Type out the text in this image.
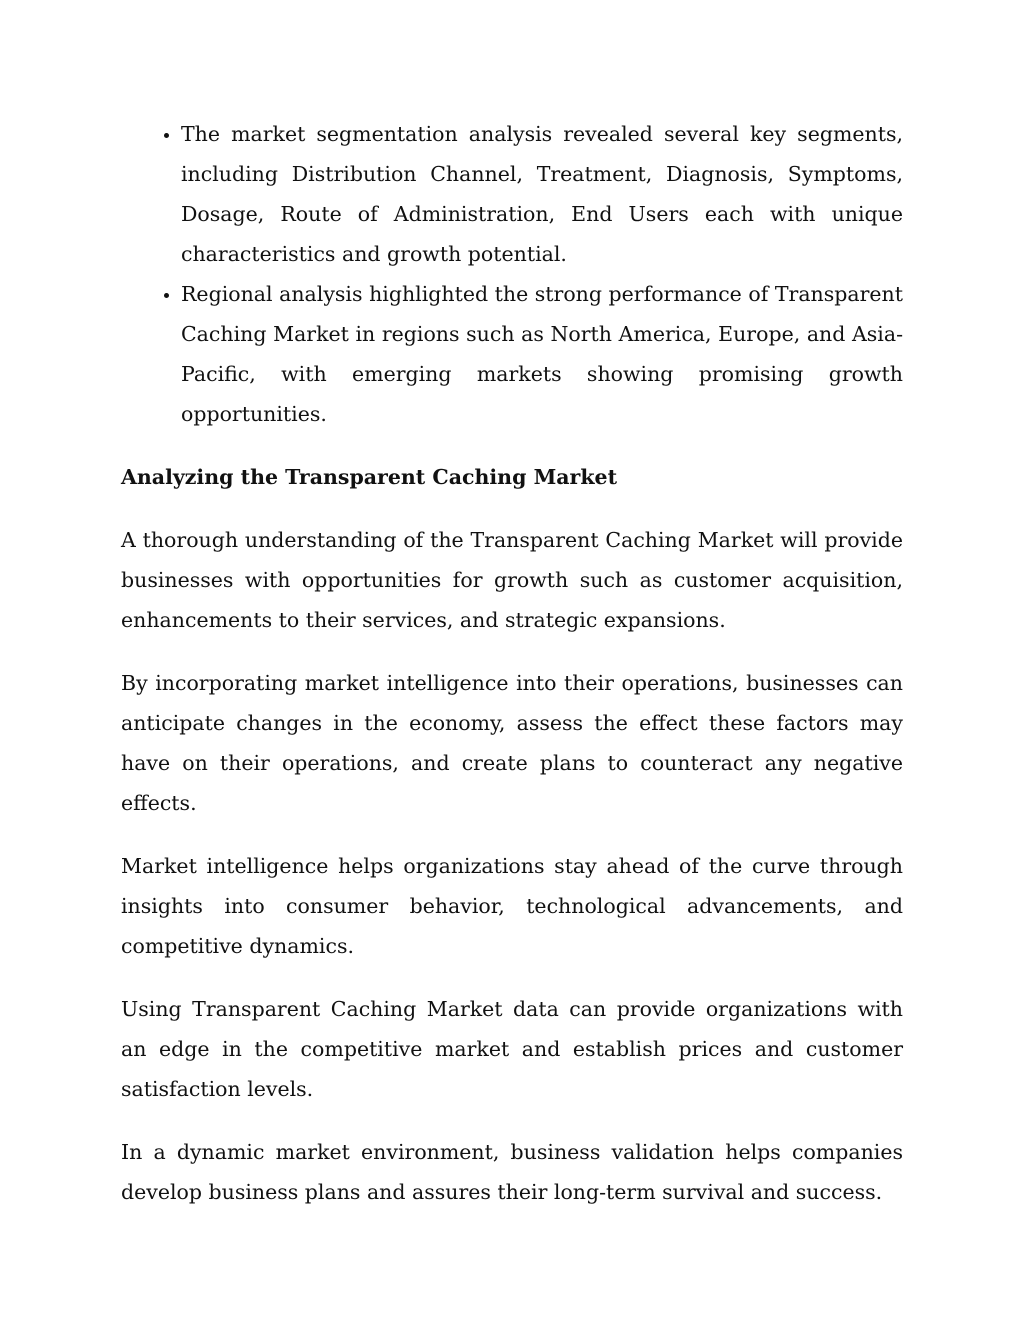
• The market segmentation analysis revealed several key segments, including Distribution Channel, Treatment, Diagnosis, Symptoms, Dosage, Route of Administration, End Users each with unique characteristics and growth potential.
• Regional analysis highlighted the strong performance of Transparent Caching Market in regions such as North America, Europe, and Asia-Pacific, with emerging markets showing promising growth opportunities.
Analyzing the Transparent Caching Market

A thorough understanding of the Transparent Caching Market will provide businesses with opportunities for growth such as customer acquisition, enhancements to their services, and strategic expansions.

By incorporating market intelligence into their operations, businesses can anticipate changes in the economy, assess the effect these factors may have on their operations, and create plans to counteract any negative effects.

Market intelligence helps organizations stay ahead of the curve through insights into consumer behavior, technological advancements, and competitive dynamics.

Using Transparent Caching Market data can provide organizations with an edge in the competitive market and establish prices and customer satisfaction levels.

In a dynamic market environment, business validation helps companies develop business plans and assures their long-term survival and success.
